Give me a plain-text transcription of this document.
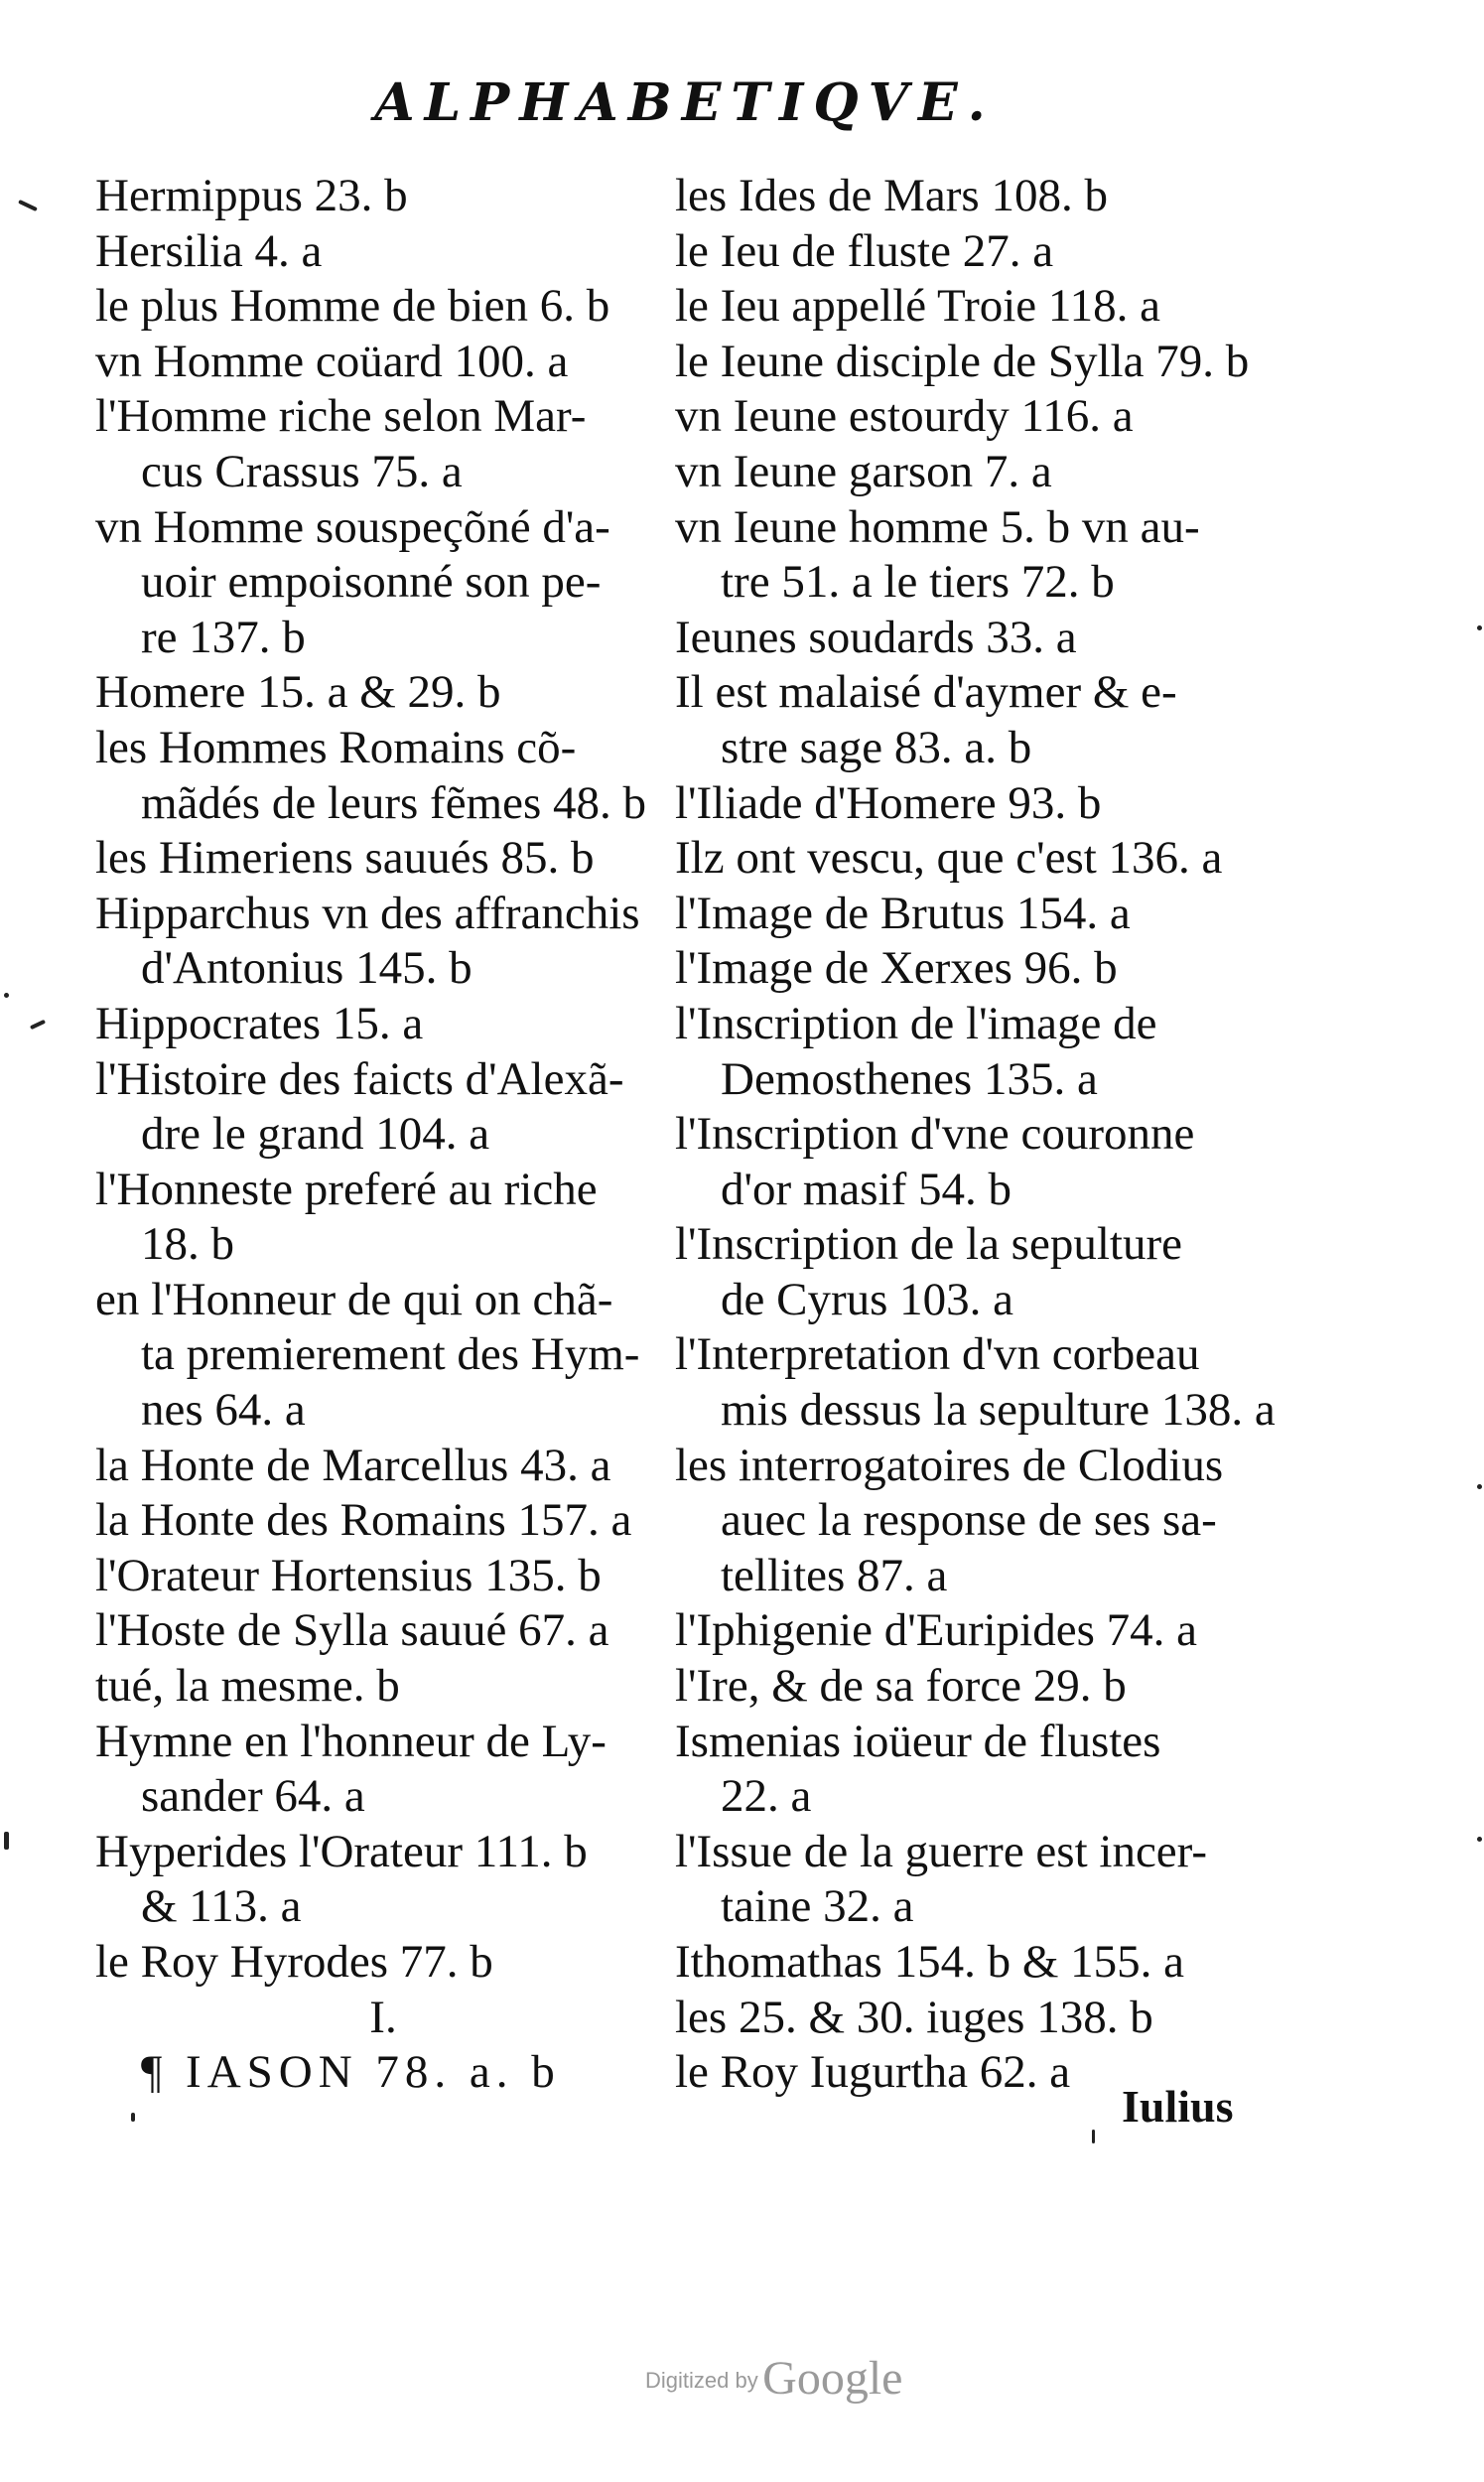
ALPHABETIQVE.
Hermippus 23. b
Hersilia 4. a
le plus Homme de bien 6. b
vn Homme coüard 100. a
l'Homme riche selon Mar-
cus Crassus 75. a
vn Homme souspeçõné d'a-
uoir empoisonné son pe-
re 137. b
Homere 15. a & 29. b
les Hommes Romains cõ-
mãdés de leurs fẽmes 48. b
les Himeriens sauués 85. b
Hipparchus vn des affranchis
d'Antonius 145. b
Hippocrates 15. a
l'Histoire des faicts d'Alexã-
dre le grand 104. a
l'Honneste preferé au riche
18. b
en l'Honneur de qui on chã-
ta premierement des Hym-
nes 64. a
la Honte de Marcellus 43. a
la Honte des Romains 157. a
l'Orateur Hortensius 135. b
l'Hoste de Sylla sauué 67. a
tué, la mesme. b
Hymne en l'honneur de Ly-
sander 64. a
Hyperides l'Orateur 111. b
& 113. a
le Roy Hyrodes 77. b
I.
¶ IASON 78. a. b
les Ides de Mars 108. b
le Ieu de fluste 27. a
le Ieu appellé Troie 118. a
le Ieune disciple de Sylla 79. b
vn Ieune estourdy 116. a
vn Ieune garson 7. a
vn Ieune homme 5. b vn au-
tre 51. a le tiers 72. b
Ieunes soudards 33. a
Il est malaisé d'aymer & e-
stre sage 83. a. b
l'Iliade d'Homere 93. b
Ilz ont vescu, que c'est 136. a
l'Image de Brutus 154. a
l'Image de Xerxes 96. b
l'Inscription de l'image de
Demosthenes 135. a
l'Inscription d'vne couronne
d'or masif 54. b
l'Inscription de la sepulture
de Cyrus 103. a
l'Interpretation d'vn corbeau
mis dessus la sepulture 138. a
les interrogatoires de Clodius
auec la response de ses sa-
tellites 87. a
l'Iphigenie d'Euripides 74. a
l'Ire, & de sa force 29. b
Ismenias ioüeur de flustes
22. a
l'Issue de la guerre est incer-
taine 32. a
Ithomathas 154. b & 155. a
les 25. & 30. iuges 138. b
le Roy Iugurtha 62. a
Iulius
Digitized by Google
